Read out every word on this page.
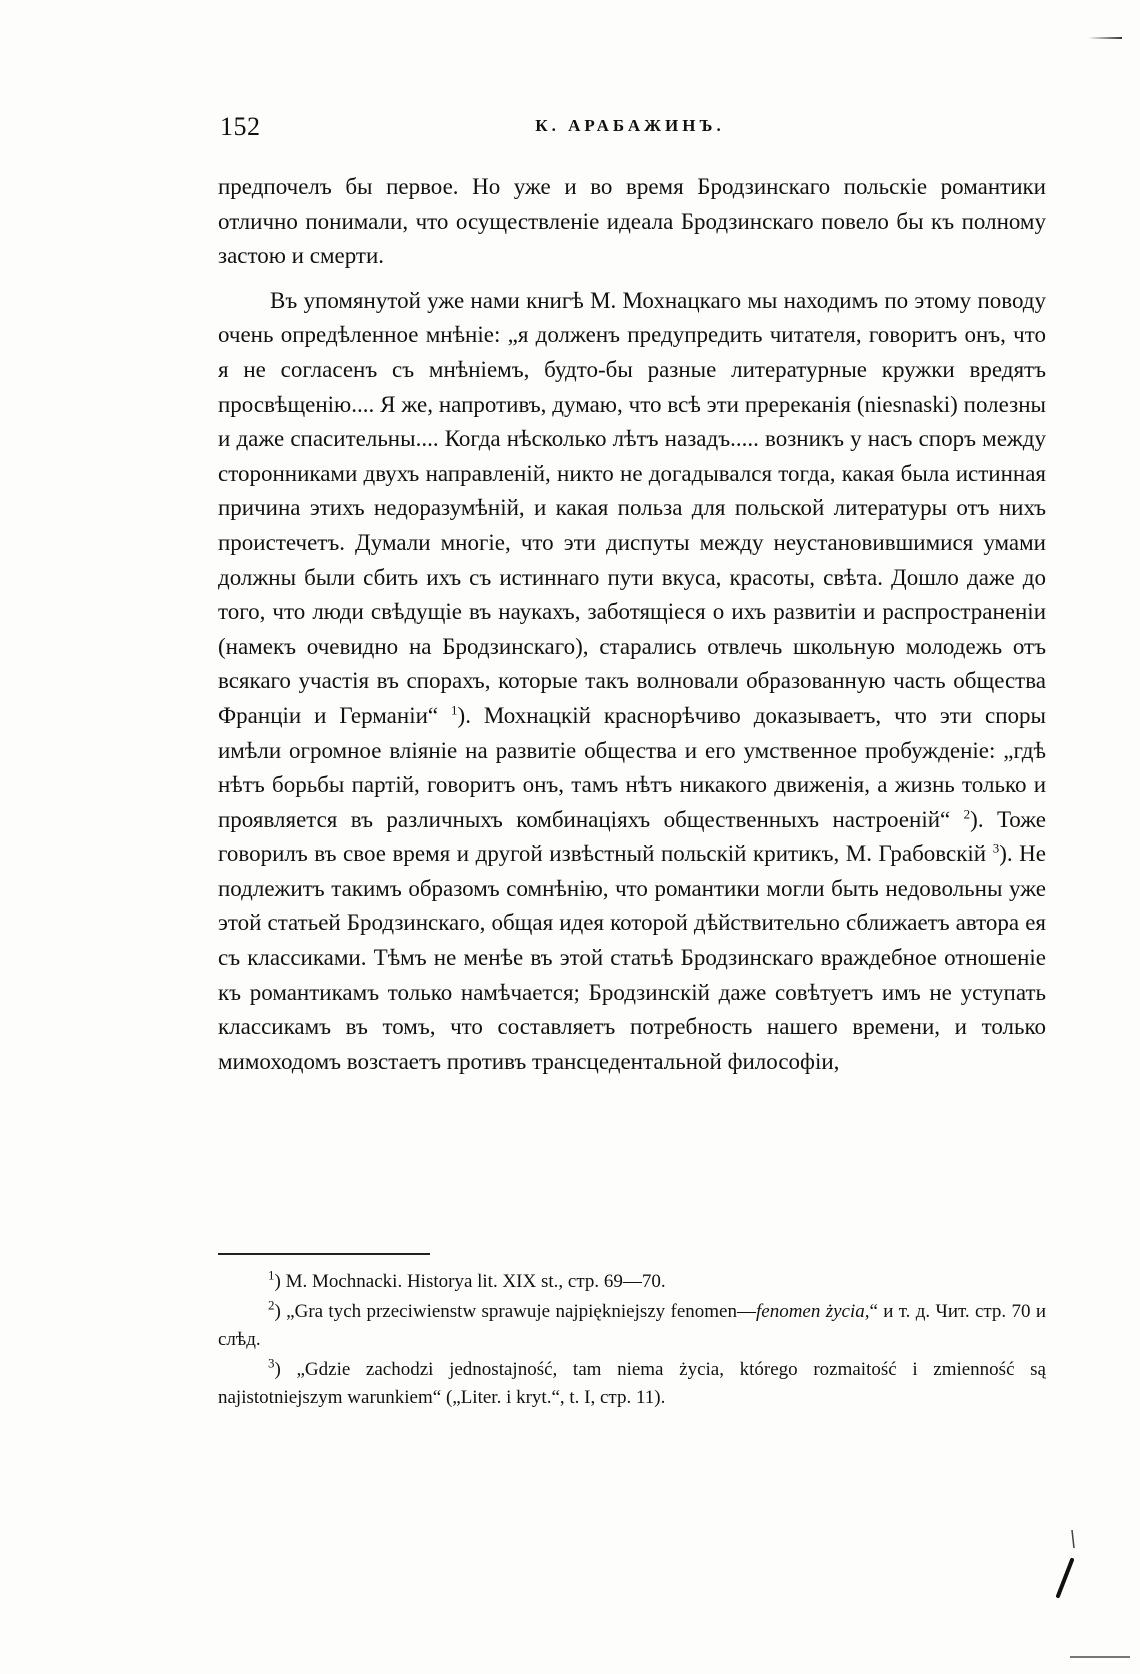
152	К. АРАБАЖИНЪ.

предпочелъ бы первое. Но уже и во время Бродзинскаго польскіе романтики отлично понимали, что осуществленіе идеала Бродзинскаго повело бы къ полному застою и смерти.

Въ упомянутой уже нами книгѣ М. Мохнацкаго мы находимъ по этому поводу очень опредѣленное мнѣніе: „я долженъ предупредить читателя, говоритъ онъ, что я не согласенъ съ мнѣніемъ, будто-бы разные литературные кружки вредятъ просвѣщенію.... Я же, напротивъ, думаю, что всѣ эти пререканія (niesnaski) полезны и даже спасительны.... Когда нѣсколько лѣтъ назадъ..... возникъ у насъ споръ между сторонниками двухъ направленій, никто не догадывался тогда, какая была истинная причина этихъ недоразумѣній, и какая польза для польской литературы отъ нихъ проистечетъ. Думали многіе, что эти диспуты между неустановившимися умами должны были сбить ихъ съ истиннаго пути вкуса, красоты, свѣта. Дошло даже до того, что люди свѣдущіе въ наукахъ, заботящіеся о ихъ развитіи и распространеніи (намекъ очевидно на Бродзинскаго), старались отвлечь школьную молодежь отъ всякаго участія въ спорахъ, которые такъ волновали образованную часть общества Франціи и Германіи“ $^1$). Мохнацкій краснорѣчиво доказываетъ, что эти споры имѣли огромное вліяніе на развитіе общества и его умственное пробужденіе: „гдѣ нѣтъ борьбы партій, говоритъ онъ, тамъ нѣтъ никакого движенія, а жизнь только и проявляется въ различныхъ комбинаціяхъ общественныхъ настроеній“ $^2$). Тоже говорилъ въ свое время и другой извѣстный польскій критикъ, М. Грабовскій $^3$). Не подлежитъ такимъ образомъ сомнѣнію, что романтики могли быть недовольны уже этой статьей Бродзинскаго, общая идея которой дѣйствительно сближаетъ автора ея съ классиками. Тѣмъ не менѣе въ этой статьѣ Бродзинскаго враждебное отношеніе къ романтикамъ только намѣчается; Бродзинскій даже совѣтуетъ имъ не уступать классикамъ въ томъ, что составляетъ потребность нашего времени, и только мимоходомъ возстаетъ противъ трансцедентальной философіи,

$^1$) M. Mochnacki. Historya lit. XIX st., стр. 69—70.

$^2$) „Gra tych przeciwienstw sprawuje najpiękniejszy fenomen—fenomen życia,“ и т. д. Чит. стр. 70 и слѣд.

$^3$) „Gdzie zachodzi jednostajność, tam niema życia, którego rozmaitość i zmienność są najistotniejszym warunkiem“ („Liter. i kryt.“, t. I, стр. 11).
